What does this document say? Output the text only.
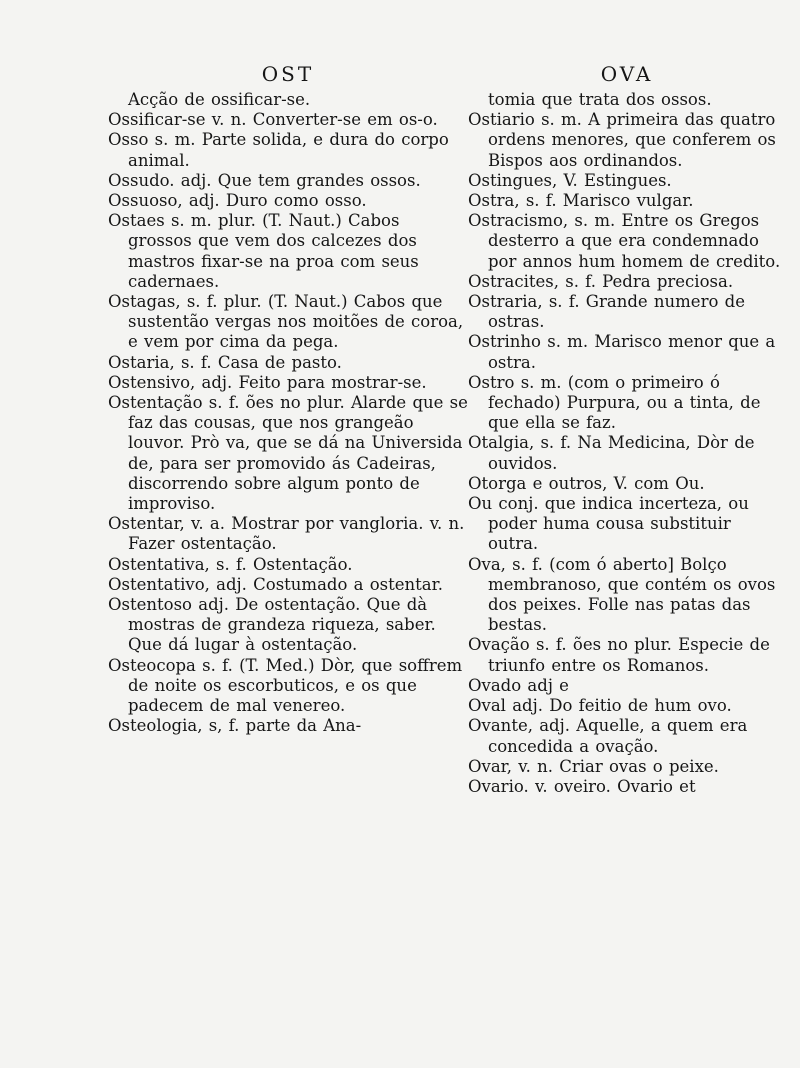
OST

Acção de ossificar-se.

Ossificar-se v. n. Converter-se em os-o.

Osso s. m. Parte solida, e dura do corpo animal.

Ossudo. adj. Que tem grandes ossos.

Ossuoso, adj. Duro como osso.

Ostaes s. m. plur. (T. Naut.) Cabos grossos que vem dos calcezes dos mastros fixar-se na proa com seus cadernaes.

Ostagas, s. f. plur. (T. Naut.) Cabos que sustentão vergas nos moitões de coroa, e vem por cima da pega.

Ostaria, s. f. Casa de pasto.

Ostensivo, adj. Feito para mostrar-se.

Ostentação s. f. ões no plur. Alarde que se faz das cousas, que nos grangeão louvor. Prò va, que se dá na Universida de, para ser promovido ás Cadeiras, discorrendo sobre algum ponto de improviso.

Ostentar, v. a. Mostrar por vangloria. v. n. Fazer ostentação.

Ostentativa, s. f. Ostentação.

Ostentativo, adj. Costumado a ostentar.

Ostentoso adj. De ostentação. Que dà mostras de grandeza riqueza, saber. Que dá lugar à ostentação.

Osteocopa s. f. (T. Med.) Dòr, que soffrem de noite os escorbuticos, e os que padecem de mal venereo.

Osteologia, s, f. parte da Ana-

OVA

tomia que trata dos ossos.

Ostiario s. m. A primeira das quatro ordens menores, que conferem os Bispos aos ordinandos.

Ostingues, V. Estingues.

Ostra, s. f. Marisco vulgar.

Ostracismo, s. m. Entre os Gregos desterro a que era condemnado por annos hum homem de credito.

Ostracites, s. f. Pedra preciosa.

Ostraria, s. f. Grande numero de ostras.

Ostrinho s. m. Marisco menor que a ostra.

Ostro s. m. (com o primeiro ó fechado) Purpura, ou a tinta, de que ella se faz.

Otalgia, s. f. Na Medicina, Dòr de ouvidos.

Otorga e outros, V. com Ou.

Ou conj. que indica incerteza, ou poder huma cousa substituir outra.

Ova, s. f. (com ó aberto] Bolço membranoso, que contém os ovos dos peixes. Folle nas patas das bestas.

Ovação s. f. ões no plur. Especie de triunfo entre os Romanos.

Ovado adj e

Oval adj. Do feitio de hum ovo.

Ovante, adj. Aquelle, a quem era concedida a ovação.

Ovar, v. n. Criar ovas o peixe.

Ovario. v. oveiro. Ovario et
